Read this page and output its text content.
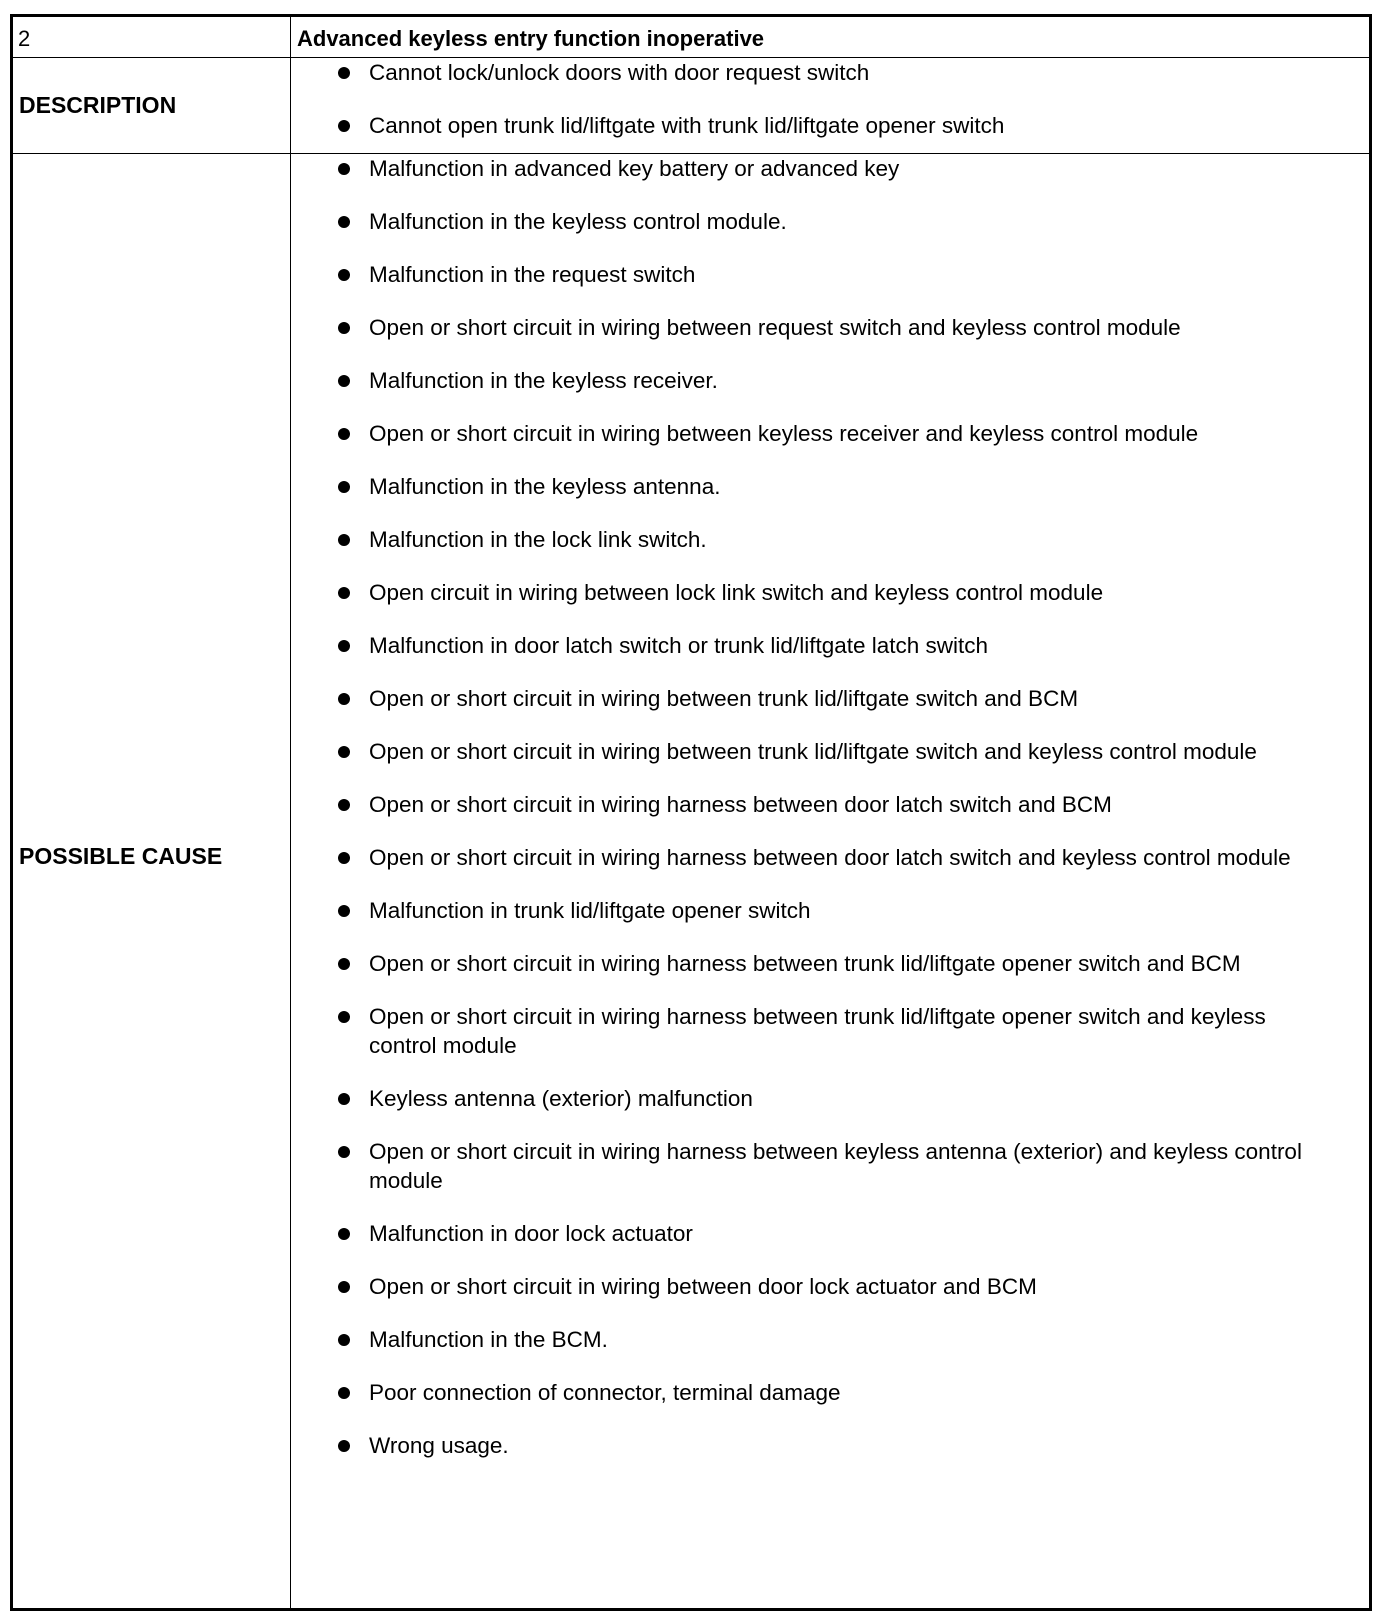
2	Advanced keyless entry function inoperative
DESCRIPTION
Cannot lock/unlock doors with door request switch
Cannot open trunk lid/liftgate with trunk lid/liftgate opener switch
POSSIBLE CAUSE
Malfunction in advanced key battery or advanced key
Malfunction in the keyless control module.
Malfunction in the request switch
Open or short circuit in wiring between request switch and keyless control module
Malfunction in the keyless receiver.
Open or short circuit in wiring between keyless receiver and keyless control module
Malfunction in the keyless antenna.
Malfunction in the lock link switch.
Open circuit in wiring between lock link switch and keyless control module
Malfunction in door latch switch or trunk lid/liftgate latch switch
Open or short circuit in wiring between trunk lid/liftgate switch and BCM
Open or short circuit in wiring between trunk lid/liftgate switch and keyless control module
Open or short circuit in wiring harness between door latch switch and BCM
Open or short circuit in wiring harness between door latch switch and keyless control module
Malfunction in trunk lid/liftgate opener switch
Open or short circuit in wiring harness between trunk lid/liftgate opener switch and BCM
Open or short circuit in wiring harness between trunk lid/liftgate opener switch and keyless control module
Keyless antenna (exterior) malfunction
Open or short circuit in wiring harness between keyless antenna (exterior) and keyless control module
Malfunction in door lock actuator
Open or short circuit in wiring between door lock actuator and BCM
Malfunction in the BCM.
Poor connection of connector, terminal damage
Wrong usage.
